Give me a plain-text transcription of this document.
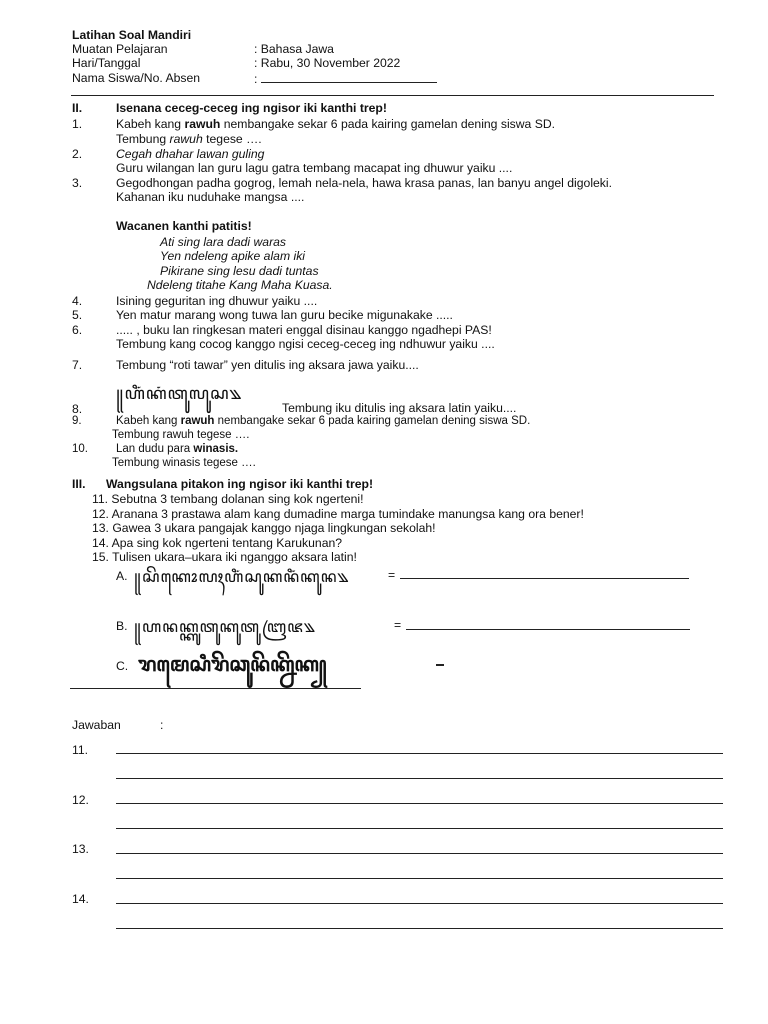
Latihan Soal Mandiri
Muatan Pelajaran	: Bahasa Jawa
Hari/Tanggal	: Rabu, 30 November 2022
Nama Siswa/No. Absen	:
II.	Isenana ceceg-ceceg ing ngisor iki kanthi trep!
1.	Kabeh kang rawuh nembangake sekar 6 pada kairing gamelan dening siswa SD.
Tembung rawuh tegese ….
2.	Cegah dhahar lawan guling
Guru wilangan lan guru lagu gatra tembang macapat ing dhuwur yaiku ....
3.	Gegodhongan padha gogrog, lemah nela-nela, hawa krasa panas, lan banyu angel digoleki.
Kahanan iku nuduhake mangsa ....
Wacanen kanthi patitis!
Ati sing lara dadi waras
Yen ndeleng apike alam iki
Pikirane sing lesu dadi tuntas
Ndeleng titahe Kang Maha Kuasa.
4.	Isining geguritan ing dhuwur yaiku ....
5.	Yen matur marang wong tuwa lan guru becike migunakake .....
6.	..... , buku lan ringkesan materi enggal disinau kanggo ngadhepi PAS!
Tembung kang cocog kanggo ngisi ceceg-ceceg ing ndhuwur yaiku ....
7.	Tembung “roti tawar” yen ditulis ing aksara jawa yaiku....
꧋ꦲꦶꦁꦏꦁꦠꦸꦭꦸꦱ꧉
8.	Tembung iku ditulis ing aksara latin yaiku....
9.	Kabeh kang rawuh nembangake sekar 6 pada kairing gamelan dening siswa SD.
Tembung rawuh tegese ….
10. Lan dudu para winasis.
Tembung winasis tegese ….
III. Wangsulana pitakon ing ngisor iki kanthi trep!
11. Sebutna 3 tembang dolanan sing kok ngerteni!
12. Aranana 3 prastawa alam kang dumadine marga tumindake manungsa kang ora bener!
13. Gawea 3 ukara pangajak kanggo njaga lingkungan sekolah!
14. Apa sing kok ngerteni tentang Karukunan?
15. Tulisen ukara–ukara iki nganggo aksara latin!
A. ꧋ꦱꦼꦏꦺꦴꦭꦃꦲꦶꦁꦱꦸꦏꦤꦶꦁꦏꦸꦤ꧉	=
B. ꧋ꦲꦤꦏ꧀ꦏꦸꦠꦸꦏꦸꦠꦸꦧꦿꦗ꧉	=
C. ꦫꦩꦺꦱꦶꦫꦼꦕꦸꦤꦼꦏ꧀ꦤꦼꦏ꧀
Jawaban	:
11.
12.
13.
14.
